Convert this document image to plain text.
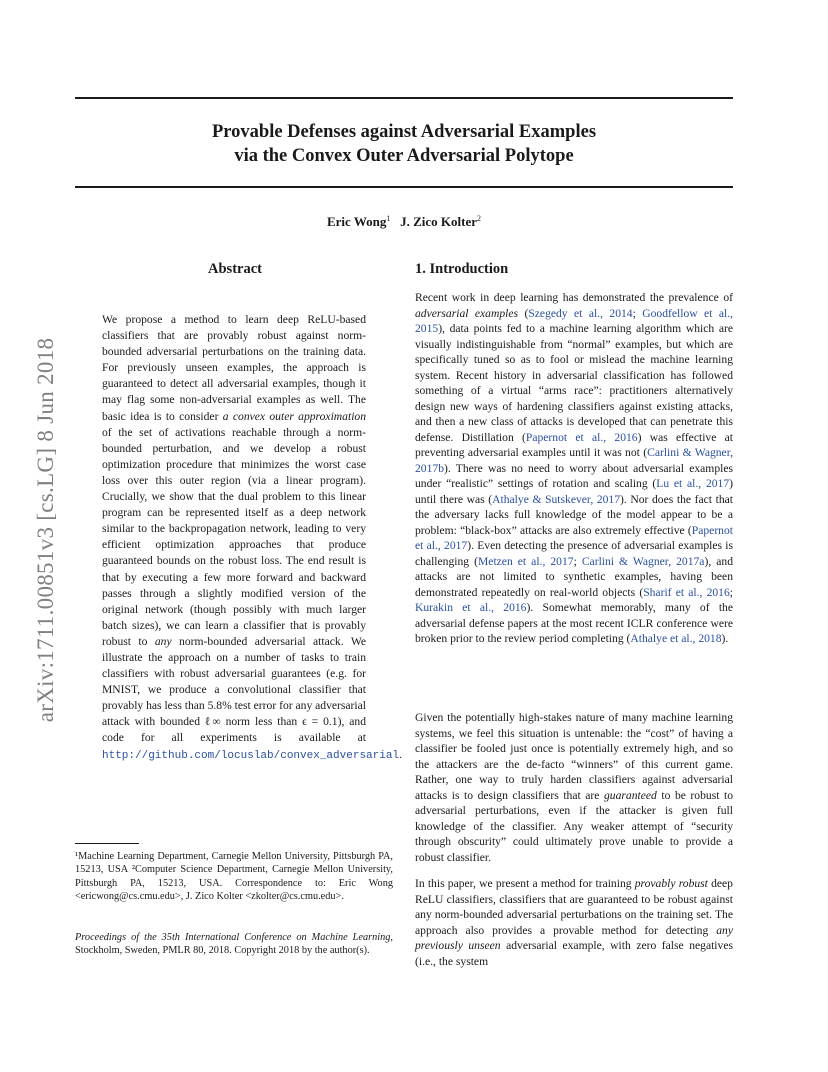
arXiv:1711.00851v3 [cs.LG] 8 Jun 2018
Provable Defenses against Adversarial Examples
via the Convex Outer Adversarial Polytope
Eric Wong$^1$ J. Zico Kolter$^2$
Abstract
We propose a method to learn deep ReLU-based classifiers that are provably robust against norm-bounded adversarial perturbations on the training data. For previously unseen examples, the approach is guaranteed to detect all adversarial examples, though it may flag some non-adversarial examples as well. The basic idea is to consider a convex outer approximation of the set of activations reachable through a norm-bounded perturbation, and we develop a robust optimization procedure that minimizes the worst case loss over this outer region (via a linear program). Crucially, we show that the dual problem to this linear program can be represented itself as a deep network similar to the backpropagation network, leading to very efficient optimization approaches that produce guaranteed bounds on the robust loss. The end result is that by executing a few more forward and backward passes through a slightly modified version of the original network (though possibly with much larger batch sizes), we can learn a classifier that is provably robust to any norm-bounded adversarial attack. We illustrate the approach on a number of tasks to train classifiers with robust adversarial guarantees (e.g. for MNIST, we produce a convolutional classifier that provably has less than 5.8% test error for any adversarial attack with bounded ℓ∞ norm less than ϵ = 0.1), and code for all experiments is available at http://github.com/locuslab/convex_adversarial.
¹Machine Learning Department, Carnegie Mellon University, Pittsburgh PA, 15213, USA ²Computer Science Department, Carnegie Mellon University, Pittsburgh PA, 15213, USA. Correspondence to: Eric Wong <ericwong@cs.cmu.edu>, J. Zico Kolter <zkolter@cs.cmu.edu>.
Proceedings of the 35th International Conference on Machine Learning, Stockholm, Sweden, PMLR 80, 2018. Copyright 2018 by the author(s).
1. Introduction

Recent work in deep learning has demonstrated the prevalence of adversarial examples (Szegedy et al., 2014; Goodfellow et al., 2015), data points fed to a machine learning algorithm which are visually indistinguishable from “normal” examples, but which are specifically tuned so as to fool or mislead the machine learning system. Recent history in adversarial classification has followed something of a virtual “arms race”: practitioners alternatively design new ways of hardening classifiers against existing attacks, and then a new class of attacks is developed that can penetrate this defense. Distillation (Papernot et al., 2016) was effective at preventing adversarial examples until it was not (Carlini & Wagner, 2017b). There was no need to worry about adversarial examples under “realistic” settings of rotation and scaling (Lu et al., 2017) until there was (Athalye & Sutskever, 2017). Nor does the fact that the adversary lacks full knowledge of the model appear to be a problem: “black-box” attacks are also extremely effective (Papernot et al., 2017). Even detecting the presence of adversarial examples is challenging (Metzen et al., 2017; Carlini & Wagner, 2017a), and attacks are not limited to synthetic examples, having been demonstrated repeatedly on real-world objects (Sharif et al., 2016; Kurakin et al., 2016). Somewhat memorably, many of the adversarial defense papers at the most recent ICLR conference were broken prior to the review period completing (Athalye et al., 2018).

Given the potentially high-stakes nature of many machine learning systems, we feel this situation is untenable: the “cost” of having a classifier be fooled just once is potentially extremely high, and so the attackers are the de-facto “winners” of this current game. Rather, one way to truly harden classifiers against adversarial attacks is to design classifiers that are guaranteed to be robust to adversarial perturbations, even if the attacker is given full knowledge of the classifier. Any weaker attempt of “security through obscurity” could ultimately prove unable to provide a robust classifier.

In this paper, we present a method for training provably robust deep ReLU classifiers, classifiers that are guaranteed to be robust against any norm-bounded adversarial perturbations on the training set. The approach also provides a provable method for detecting any previously unseen adversarial example, with zero false negatives (i.e., the system
